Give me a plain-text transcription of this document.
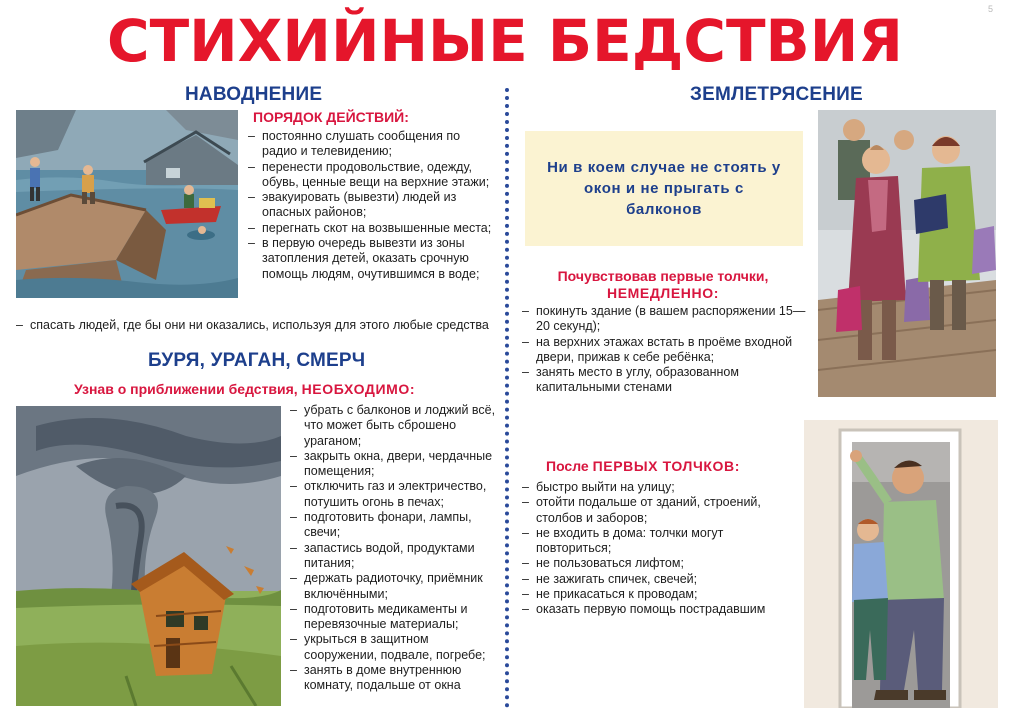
5
СТИХИЙНЫЕ БЕДСТВИЯ
НАВОДНЕНИЕ
ПОРЯДОК ДЕЙСТВИЙ:
– постоянно слушать сообщения по радио и телевидению;
– перенести продовольствие, одежду, обувь, ценные вещи на верхние этажи;
– эвакуировать (вывезти) людей из опасных районов;
– перегнать скот на возвышенные места;
– в первую очередь вывезти из зоны затопления детей, оказать срочную помощь людям, очутившимся в воде;
– спасать людей, где бы они ни оказались, используя для этого любые средства
БУРЯ, УРАГАН, СМЕРЧ
Узнав о приближении бедствия, НЕОБХОДИМО:
– убрать с балконов и лоджий всё, что может быть сброшено ураганом;
– закрыть окна, двери, чердачные помещения;
– отключить газ и электричество, потушить огонь в печах;
– подготовить фонари, лампы, свечи;
– запастись водой, продуктами питания;
– держать радиоточку, приёмник включёнными;
– подготовить медикаменты и перевязочные материалы;
– укрыться в защитном сооружении, подвале, погребе;
– занять в доме внутреннюю комнату, подальше от окна
ЗЕМЛЕТРЯСЕНИЕ
Ни в коем случае не стоять у окон и не прыгать с балконов
Почувствовав первые толчки,
НЕМЕДЛЕННО:
– покинуть здание (в вашем распоряжении 15—20 секунд);
– на верхних этажах встать в проёме входной двери, прижав к себе ребёнка;
– занять место в углу, образованном капитальными стенами
После ПЕРВЫХ ТОЛЧКОВ:
– быстро выйти на улицу;
– отойти подальше от зданий, строений, столбов и заборов;
– не входить в дома: толчки могут повториться;
– не пользоваться лифтом;
– не зажигать спичек, свечей;
– не прикасаться к проводам;
– оказать первую помощь пострадавшим
